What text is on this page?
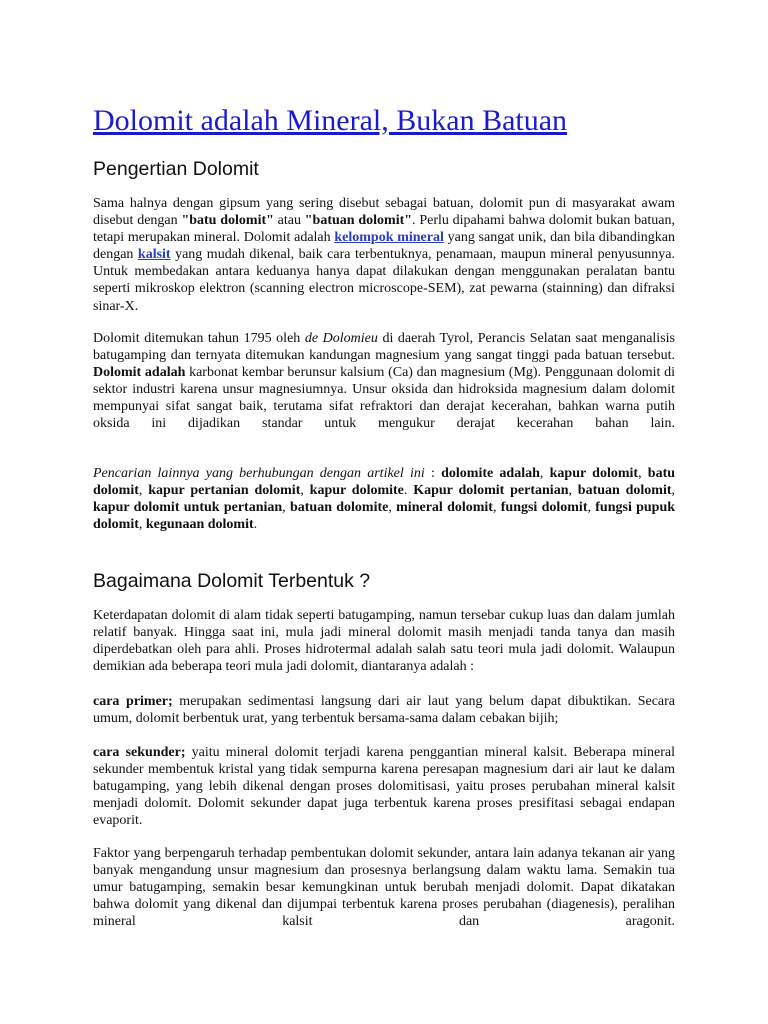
Dolomit adalah Mineral, Bukan Batuan
Pengertian Dolomit
Sama halnya dengan gipsum yang sering disebut sebagai batuan, dolomit pun di masyarakat awam disebut dengan "batu dolomit" atau "batuan dolomit". Perlu dipahami bahwa dolomit bukan batuan, tetapi merupakan mineral. Dolomit adalah kelompok mineral yang sangat unik, dan bila dibandingkan dengan kalsit yang mudah dikenal, baik cara terbentuknya, penamaan, maupun mineral penyusunnya. Untuk membedakan antara keduanya hanya dapat dilakukan dengan menggunakan peralatan bantu seperti mikroskop elektron (scanning electron microscope-SEM), zat pewarna (stainning) dan difraksi sinar-X.
Dolomit ditemukan tahun 1795 oleh de Dolomieu di daerah Tyrol, Perancis Selatan saat menganalisis batugamping dan ternyata ditemukan kandungan magnesium yang sangat tinggi pada batuan tersebut. Dolomit adalah karbonat kembar berunsur kalsium (Ca) dan magnesium (Mg). Penggunaan dolomit di sektor industri karena unsur magnesiumnya. Unsur oksida dan hidroksida magnesium dalam dolomit mempunyai sifat sangat baik, terutama sifat refraktori dan derajat kecerahan, bahkan warna putih oksida ini dijadikan standar untuk mengukur derajat kecerahan bahan lain.
Pencarian lainnya yang berhubungan dengan artikel ini : dolomite adalah, kapur dolomit, batu dolomit, kapur pertanian dolomit, kapur dolomite. Kapur dolomit pertanian, batuan dolomit, kapur dolomit untuk pertanian, batuan dolomite, mineral dolomit, fungsi dolomit, fungsi pupuk dolomit, kegunaan dolomit.
Bagaimana Dolomit Terbentuk ?
Keterdapatan dolomit di alam tidak seperti batugamping, namun tersebar cukup luas dan dalam jumlah relatif banyak. Hingga saat ini, mula jadi mineral dolomit masih menjadi tanda tanya dan masih diperdebatkan oleh para ahli. Proses hidrotermal adalah salah satu teori mula jadi dolomit. Walaupun demikian ada beberapa teori mula jadi dolomit, diantaranya adalah :
cara primer; merupakan sedimentasi langsung dari air laut yang belum dapat dibuktikan. Secara umum, dolomit berbentuk urat, yang terbentuk bersama-sama dalam cebakan bijih;
cara sekunder; yaitu mineral dolomit terjadi karena penggantian mineral kalsit. Beberapa mineral sekunder membentuk kristal yang tidak sempurna karena peresapan magnesium dari air laut ke dalam batugamping, yang lebih dikenal dengan proses dolomitisasi, yaitu proses perubahan mineral kalsit menjadi dolomit. Dolomit sekunder dapat juga terbentuk karena proses presifitasi sebagai endapan evaporit.
Faktor yang berpengaruh terhadap pembentukan dolomit sekunder, antara lain adanya tekanan air yang banyak mengandung unsur magnesium dan prosesnya berlangsung dalam waktu lama. Semakin tua umur batugamping, semakin besar kemungkinan untuk berubah menjadi dolomit. Dapat dikatakan bahwa dolomit yang dikenal dan dijumpai terbentuk karena proses perubahan (diagenesis), peralihan mineral kalsit dan aragonit.
